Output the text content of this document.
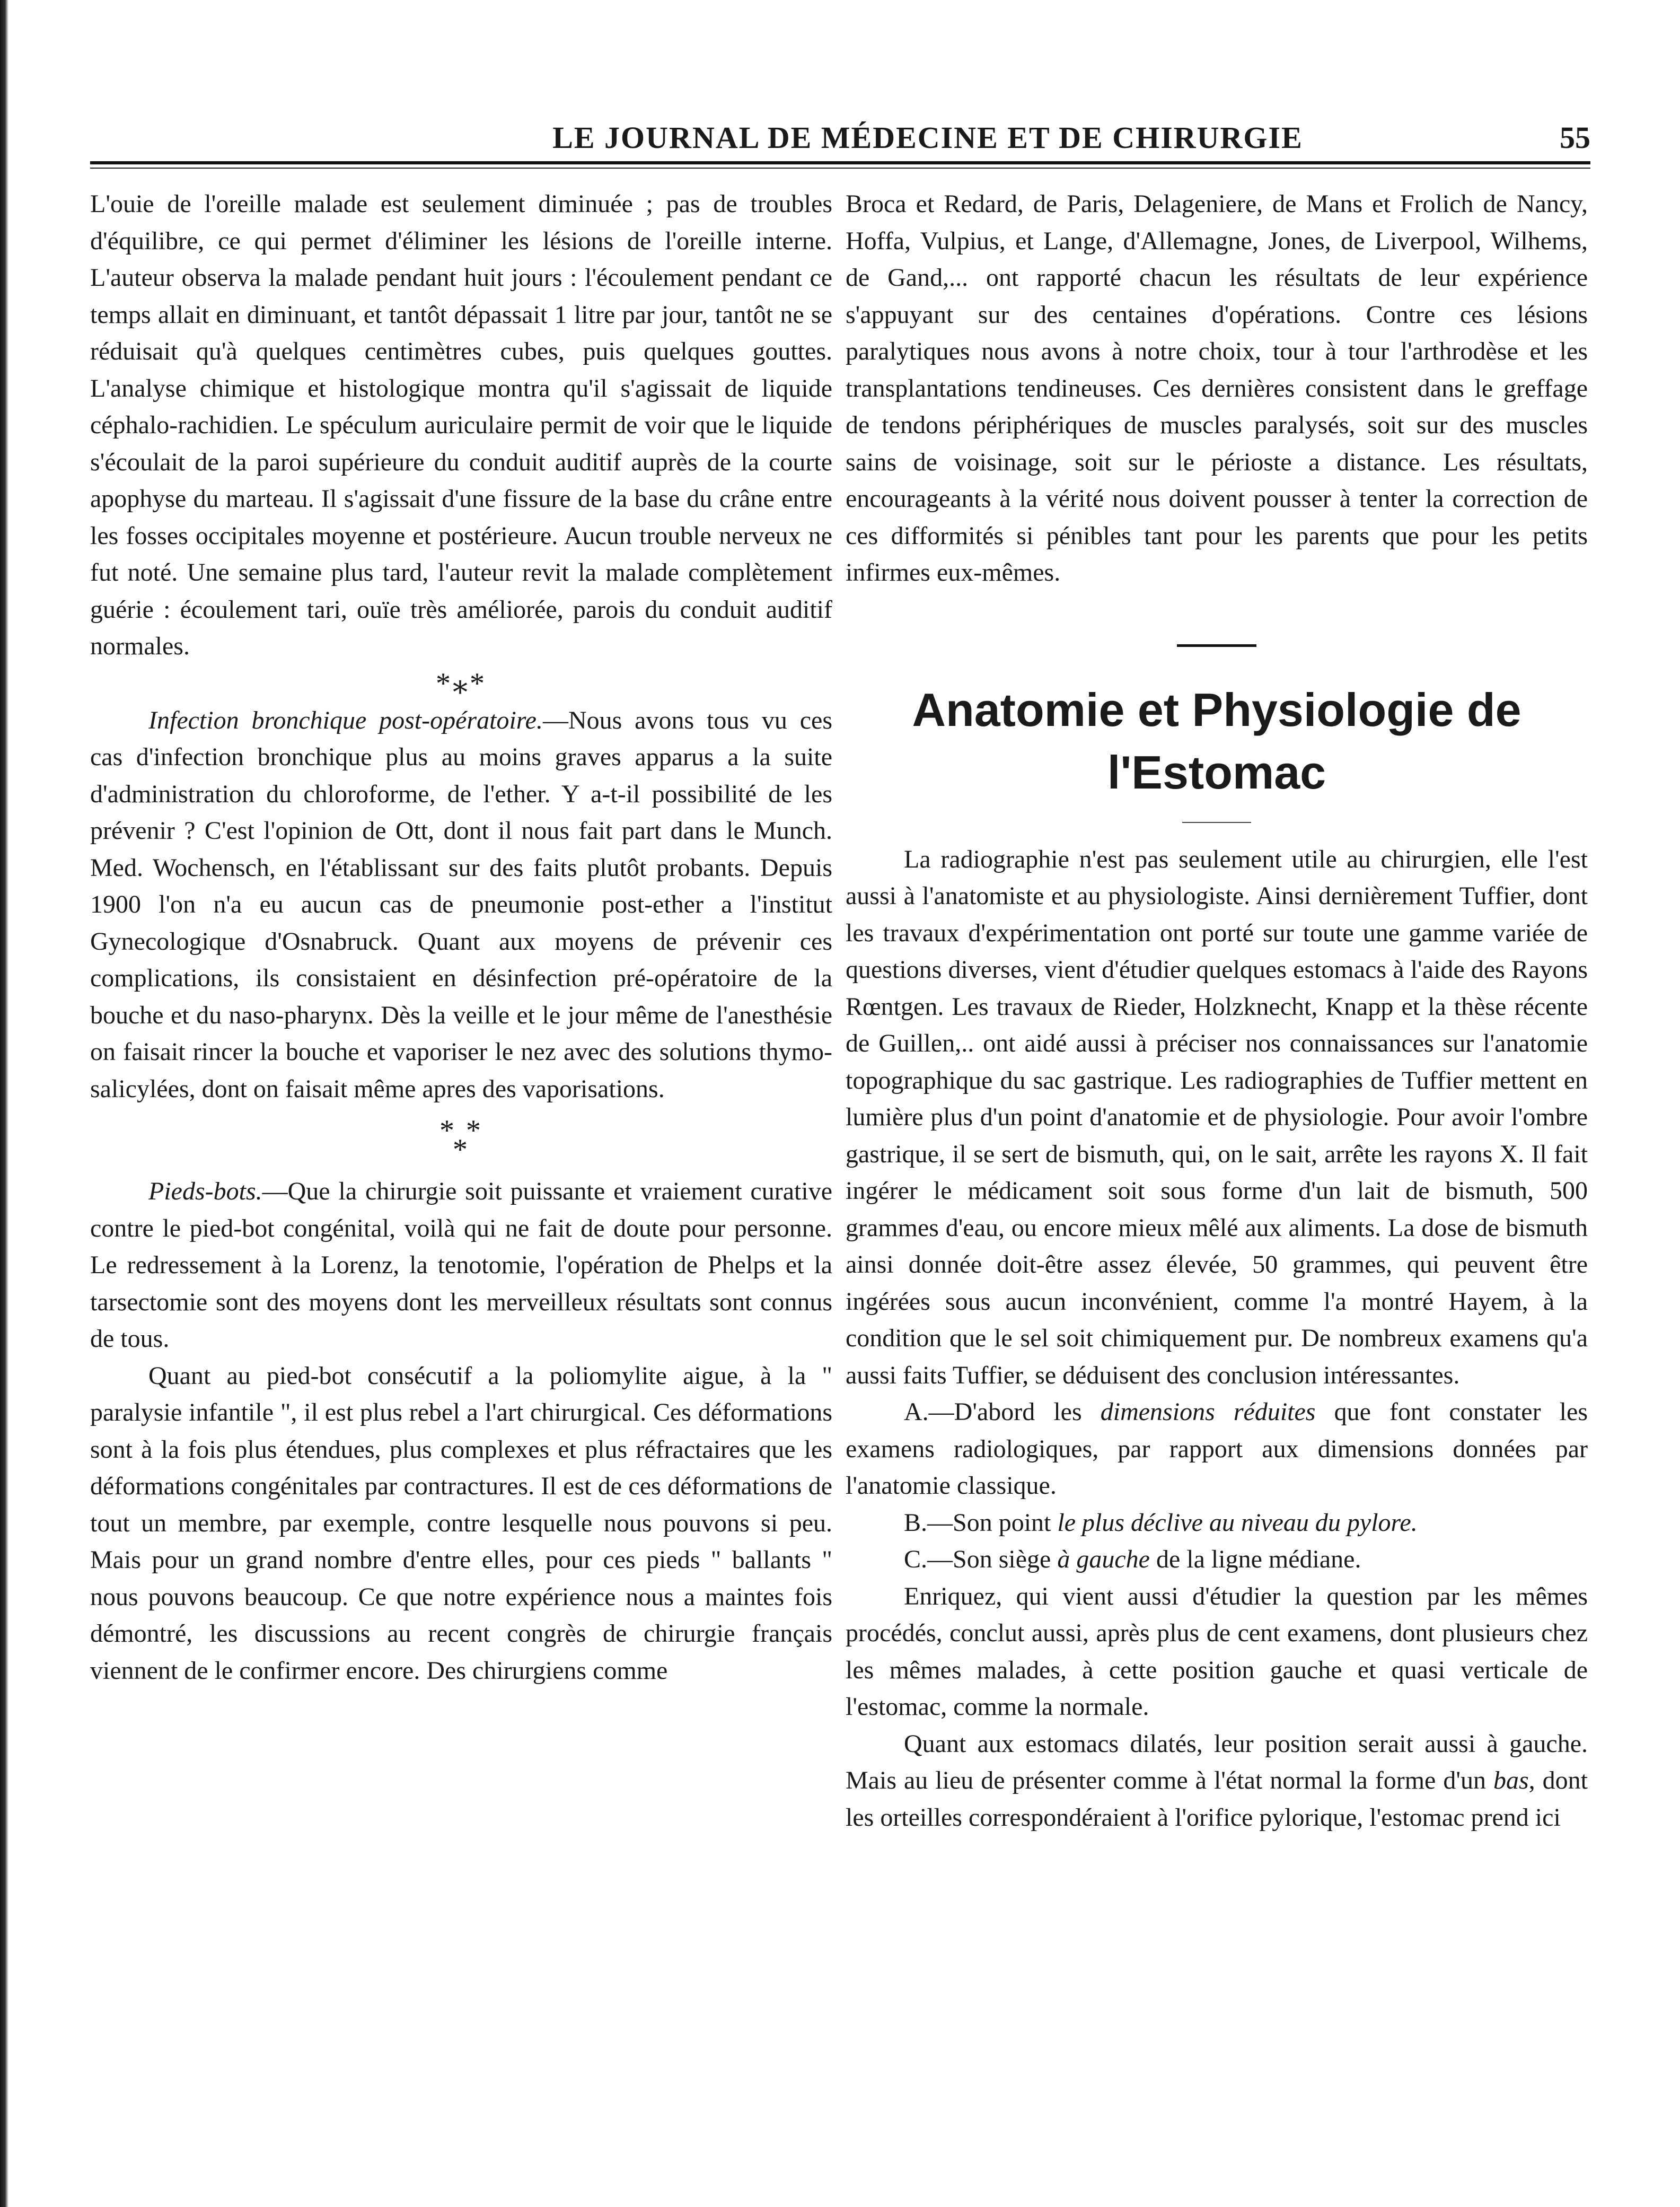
LE JOURNAL DE MÉDECINE ET DE CHIRURGIE	55

L'ouie de l'oreille malade est seulement diminuée ; pas de troubles d'équilibre, ce qui permet d'éliminer les lésions de l'oreille interne. L'auteur observa la malade pendant huit jours : l'écoulement pendant ce temps allait en diminuant, et tantôt dépassait 1 litre par jour, tantôt ne se réduisait qu'à quelques centimètres cubes, puis quelques gouttes. L'analyse chimique et histologique montra qu'il s'agissait de liquide céphalo-rachidien. Le spéculum auriculaire permit de voir que le liquide s'écoulait de la paroi supérieure du conduit auditif auprès de la courte apophyse du marteau. Il s'agissait d'une fissure de la base du crâne entre les fosses occipitales moyenne et postérieure. Aucun trouble nerveux ne fut noté. Une semaine plus tard, l'auteur revit la malade complètement guérie : écoulement tari, ouïe très améliorée, parois du conduit auditif normales.

*⁎*

Infection bronchique post-opératoire.—Nous avons tous vu ces cas d'infection bronchique plus au moins graves apparus a la suite d'administration du chloroforme, de l'ether. Y a-t-il possibilité de les prévenir ? C'est l'opinion de Ott, dont il nous fait part dans le Munch. Med. Wochensch, en l'établissant sur des faits plutôt probants. Depuis 1900 l'on n'a eu aucun cas de pneumonie post-ether a l'institut Gynecologique d'Osnabruck. Quant aux moyens de prévenir ces complications, ils consistaient en désinfection pré-opératoire de la bouche et du naso-pharynx. Dès la veille et le jour même de l'anesthésie on faisait rincer la bouche et vaporiser le nez avec des solutions thymo-salicylées, dont on faisait même apres des vaporisations.

* *
*

Pieds-bots.—Que la chirurgie soit puissante et vraiement curative contre le pied-bot congénital, voilà qui ne fait de doute pour personne. Le redressement à la Lorenz, la tenotomie, l'opération de Phelps et la tarsectomie sont des moyens dont les merveilleux résultats sont connus de tous.

Quant au pied-bot consécutif a la poliomylite aigue, à la " paralysie infantile ", il est plus rebel a l'art chirurgical. Ces déformations sont à la fois plus étendues, plus complexes et plus réfractaires que les déformations congénitales par contractures. Il est de ces déformations de tout un membre, par exemple, contre lesquelle nous pouvons si peu. Mais pour un grand nombre d'entre elles, pour ces pieds " ballants " nous pouvons beaucoup. Ce que notre expérience nous a maintes fois démontré, les discussions au recent congrès de chirurgie français viennent de le confirmer encore. Des chirurgiens comme

Broca et Redard, de Paris, Delageniere, de Mans et Frolich de Nancy, Hoffa, Vulpius, et Lange, d'Allemagne, Jones, de Liverpool, Wilhems, de Gand,... ont rapporté chacun les résultats de leur expérience s'appuyant sur des centaines d'opérations. Contre ces lésions paralytiques nous avons à notre choix, tour à tour l'arthrodèse et les transplantations tendineuses. Ces dernières consistent dans le greffage de tendons périphériques de muscles paralysés, soit sur des muscles sains de voisinage, soit sur le périoste a distance. Les résultats, encourageants à la vérité nous doivent pousser à tenter la correction de ces difformités si pénibles tant pour les parents que pour les petits infirmes eux-mêmes.

Anatomie et Physiologie de
l'Estomac

La radiographie n'est pas seulement utile au chirurgien, elle l'est aussi à l'anatomiste et au physiologiste. Ainsi dernièrement Tuffier, dont les travaux d'expérimentation ont porté sur toute une gamme variée de questions diverses, vient d'étudier quelques estomacs à l'aide des Rayons Rœntgen. Les travaux de Rieder, Holzknecht, Knapp et la thèse récente de Guillen,.. ont aidé aussi à préciser nos connaissances sur l'anatomie topographique du sac gastrique. Les radiographies de Tuffier mettent en lumière plus d'un point d'anatomie et de physiologie. Pour avoir l'ombre gastrique, il se sert de bismuth, qui, on le sait, arrête les rayons X. Il fait ingérer le médicament soit sous forme d'un lait de bismuth, 500 grammes d'eau, ou encore mieux mêlé aux aliments. La dose de bismuth ainsi donnée doit-être assez élevée, 50 grammes, qui peuvent être ingérées sous aucun inconvénient, comme l'a montré Hayem, à la condition que le sel soit chimiquement pur. De nombreux examens qu'a aussi faits Tuffier, se déduisent des conclusion intéressantes.

A.—D'abord les dimensions réduites que font constater les examens radiologiques, par rapport aux dimensions données par l'anatomie classique.

B.—Son point le plus déclive au niveau du pylore.

C.—Son siège à gauche de la ligne médiane.

Enriquez, qui vient aussi d'étudier la question par les mêmes procédés, conclut aussi, après plus de cent examens, dont plusieurs chez les mêmes malades, à cette position gauche et quasi verticale de l'estomac, comme la normale.

Quant aux estomacs dilatés, leur position serait aussi à gauche. Mais au lieu de présenter comme à l'état normal la forme d'un bas, dont les orteilles correspondéraient à l'orifice pylorique, l'estomac prend ici
